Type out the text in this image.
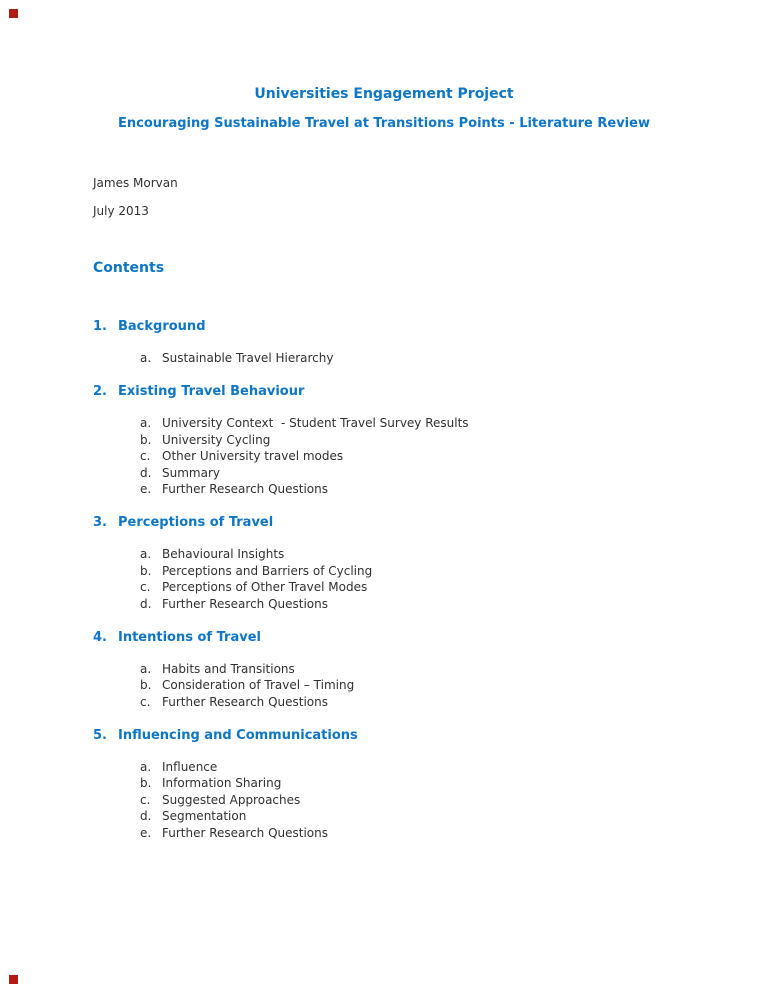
Universities Engagement Project
Encouraging Sustainable Travel at Transitions Points - Literature Review
James Morvan
July 2013
Contents
1. Background
a. Sustainable Travel Hierarchy
2. Existing Travel Behaviour
a. University Context  - Student Travel Survey Results
b. University Cycling
c. Other University travel modes
d. Summary
e. Further Research Questions
3. Perceptions of Travel
a. Behavioural Insights
b. Perceptions and Barriers of Cycling
c. Perceptions of Other Travel Modes
d. Further Research Questions
4. Intentions of Travel
a. Habits and Transitions
b. Consideration of Travel – Timing
c. Further Research Questions
5. Influencing and Communications
a. Influence
b. Information Sharing
c. Suggested Approaches
d. Segmentation
e. Further Research Questions
